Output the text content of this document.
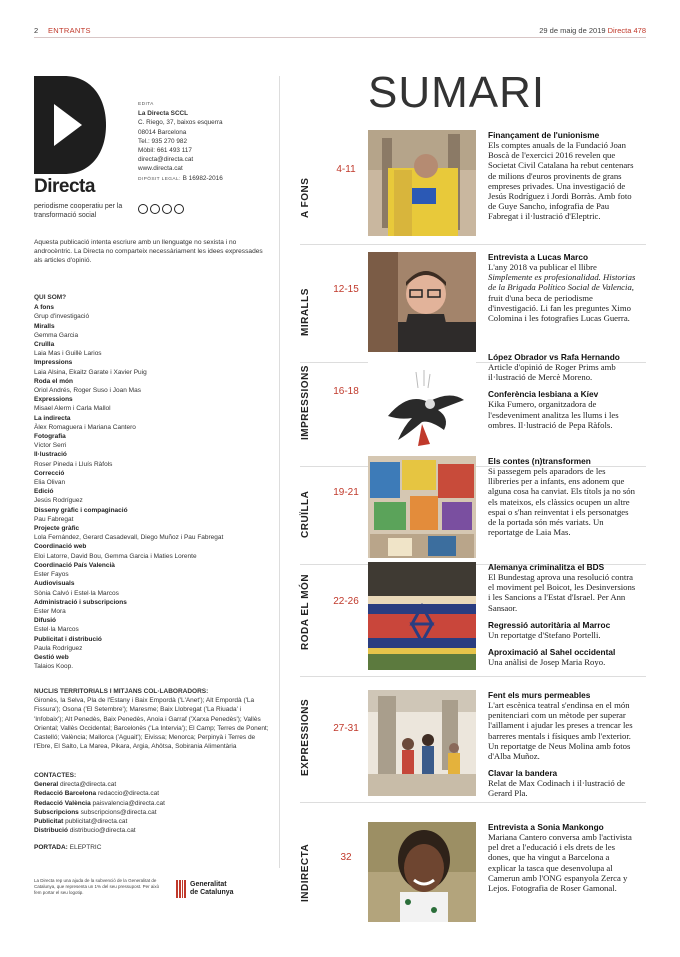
2 ENTRANTS	29 de maig de 2019 Directa 478
Directa
periodisme cooperatiu per la transformació social
EDITA
La Directa SCCL
C. Riego, 37, baixos esquerra
08014 Barcelona
Tel.: 935 270 982
Mòbil: 661 493 117
directa@directa.cat
www.directa.cat
DIPÒSIT LEGAL: B 16982-2016
Aquesta publicació intenta escriure amb un llenguatge no sexista i no androcèntric. La Directa no comparteix necessàriament les idees expressades als articles d'opinió.
QUI SOM?
A fons
Grup d'investigació
Miralls
Gemma Garcia
Cruïlla
Laia Mas i Guillè Larios
Impressions
Laia Alsina, Ekaitz Garate i Xavier Puig
Roda el món
Oriol Andrés, Roger Suso i Joan Mas
Expressions
Misael Alerm i Carla Mallol
La indirecta
Àlex Romaguera i Mariana Cantero
Fotografia
Víctor Serri
Il·lustració
Roser Pineda i Lluís Ràfols
Correcció
Elia Olivan
Edició
Jesús Rodríguez
Disseny gràfic i compaginació
Pau Fabregat
Projecte gràfic
Lola Fernández, Gerard Casadevall, Diego Muñoz i Pau Fabregat
Coordinació web
Eloi Latorre, David Bou, Gemma Garcia i Maties Lorente
Coordinació País Valencià
Ester Fayos
Audiovisuals
Sònia Calvó i Estel·la Marcos
Administració i subscripcions
Ester Mora
Difusió
Estel·la Marcos
Publicitat i distribució
Paula Rodríguez
Gestió web
Talaios Koop.
NUCLIS TERRITORIALS I MITJANS COL·LABORADORS:
Gironès, la Selva, Pla de l'Estany i Baix Empordà ('L'Anet'); Alt Empordà ('La Fissura'); Osona ('El Setembre'); Maresme; Baix Llobregat ('La Riuada' i 'Infobaix'); Alt Penedès, Baix Penedès, Anoia i Garraf ('Xarxa Penedès'); Vallès Oriental; Vallès Occidental; Barcelonès ('La Intervia'); El Camp; Terres de Ponent; Castelló; València; Mallorca ('Aguait'); Eivissa; Menorca; Perpinyà i Terres de l'Ebre, El Salto, La Marea, Pikara, Argia, Ahötsa, Sobirania Alimentària
CONTACTES:
General directa@directa.cat
Redacció Barcelona redaccio@directa.cat
Redacció València paisvalencia@directa.cat
Subscripcions subscripcions@directa.cat
Publicitat publicitat@directa.cat
Distribució distribucio@directa.cat
PORTADA: ELEPTRIC
La Directa rep una ajuda de la subvenció de la Generalitat de Catalunya, que representa un 1% del seu pressupost. Per això fem portar el seu logotip.
Generalitat
de Catalunya
SUMARI
A FONS
4-11
Finançament de l'unionisme
Els comptes anuals de la Fundació Joan Boscà de l'exercici 2016 revelen que Societat Civil Catalana ha rebut centenars de milions d'euros provinents de grans empreses privades. Una investigació de Jesús Rodríguez i Jordi Borràs. Amb foto de Guye Sancho, infografia de Pau Fabregat i il·lustració d'Eleptric.
MIRALLS	12-15
Entrevista a Lucas Marco
L'any 2018 va publicar el llibre Simplemente es profesionalidad. Historias de la Brigada Político Social de Valencia, fruit d'una beca de periodisme d'investigació. Li fan les preguntes Ximo Colomina i les fotografies Lucas Guerra.
IMPRESSIONS	16-18
López Obrador vs Rafa Hernando
Article d'opinió de Roger Prims amb il·lustració de Mercè Moreno.
Conferència lesbiana a Kíev
Kika Fumero, organitzadora de l'esdeveniment analitza les llums i les ombres. Il·lustració de Pepa Ràfols.
CRUÏLLA	19-21
Els contes (n)transformen
Si passegem pels aparadors de les llibreries per a infants, ens adonem que alguna cosa ha canviat. Els títols ja no són els mateixos, els clàssics ocupen un altre espai o s'han reinventat i els personatges de la portada són més variats. Un reportatge de Laia Mas.
RODA EL MÓN	22-26
Alemanya criminalitza el BDS
El Bundestag aprova una resolució contra el moviment pel Boicot, les Desinversions i les Sancions a l'Estat d'Israel. Per Ann Sansaor.
Regressió autoritària al Marroc
Un reportatge d'Stefano Portelli.
Aproximació al Sahel occidental
Una anàlisi de Josep Maria Royo.
EXPRESSIONS	27-31
Fent els murs permeables
L'art escènica teatral s'endinsa en el món penitenciari com un mètode per superar l'aïllament i ajudar les preses a trencar les barreres mentals i físiques amb l'exterior. Un reportatge de Neus Molina amb fotos d'Alba Muñoz.
Clavar la bandera
Relat de Max Codinach i il·lustració de Gerard Pla.
INDIRECTA	32
Entrevista a Sonia Mankongo
Mariana Cantero conversa amb l'activista pel dret a l'educació i els drets de les dones, que ha vingut a Barcelona a explicar la tasca que desenvolupa al Camerun amb l'ONG espanyola Zerca y Lejos. Fotografia de Roser Gamonal.
